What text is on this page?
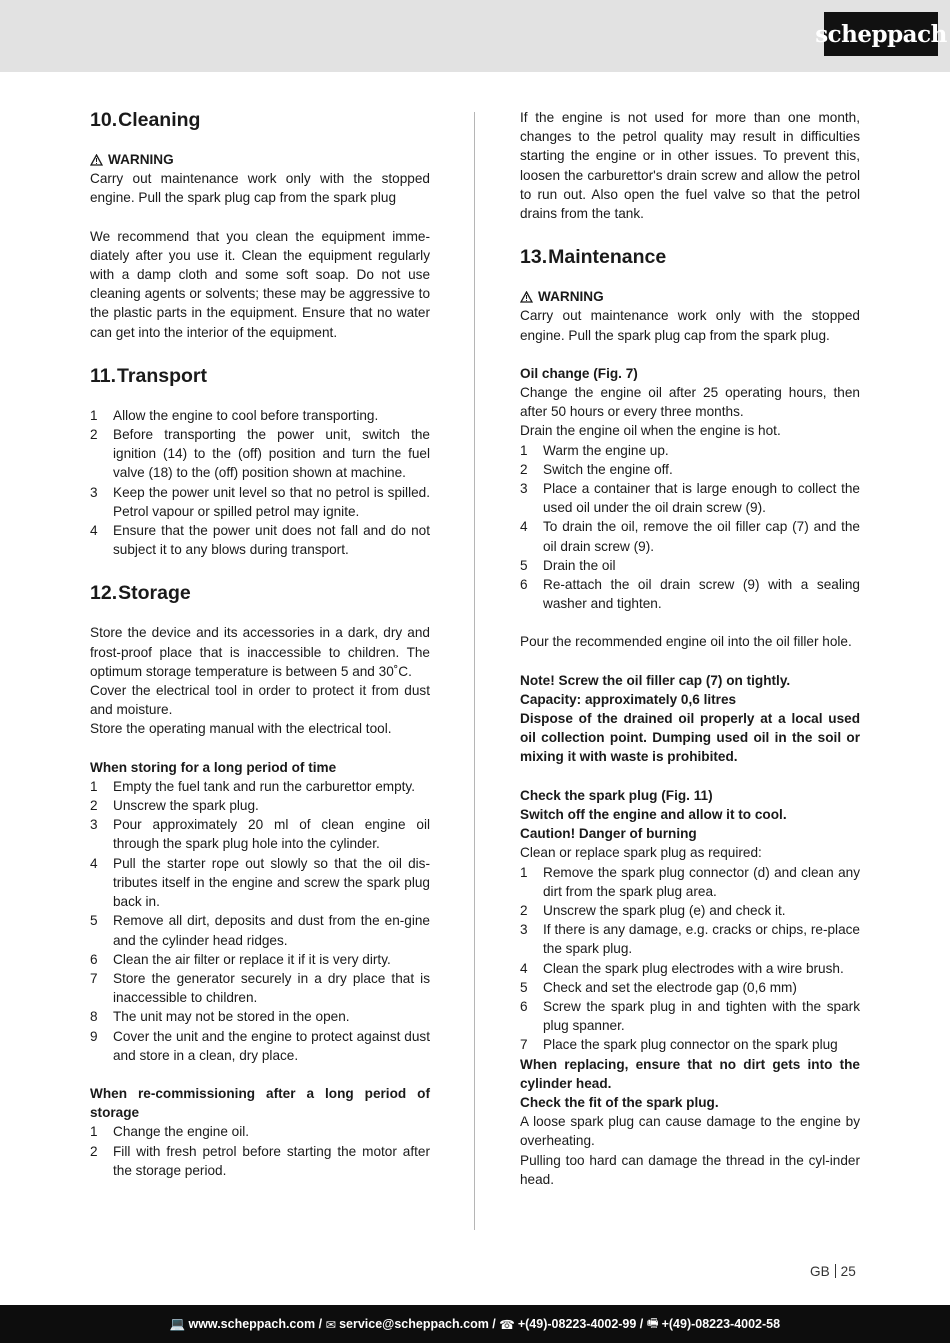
scheppach
10.Cleaning
WARNING

Carry out maintenance work only with the stopped engine. Pull the spark plug cap from the spark plug

We recommend that you clean the equipment imme-diately after you use it. Clean the equipment regularly with a damp cloth and some soft soap. Do not use cleaning agents or solvents; these may be aggressive to the plastic parts in the equipment. Ensure that no water can get into the interior of the equipment.

11.Transport
1 Allow the engine to cool before transporting.
2 Before transporting the power unit, switch the ignition (14) to the (off) position and turn the fuel valve (18) to the (off) position shown at machine.
3 Keep the power unit level so that no petrol is spilled. Petrol vapour or spilled petrol may ignite.
4 Ensure that the power unit does not fall and do not subject it to any blows during transport.
12.Storage

Store the device and its accessories in a dark, dry and frost-proof place that is inaccessible to children. The optimum storage temperature is between 5 and 30˚C.

Cover the electrical tool in order to protect it from dust and moisture.

Store the operating manual with the electrical tool.

When storing for a long period of time

1 Empty the fuel tank and run the carburettor empty.
2 Unscrew the spark plug.
3 Pour approximately 20 ml of clean engine oil through the spark plug hole into the cylinder.
4 Pull the starter rope out slowly so that the oil dis-tributes itself in the engine and screw the spark plug back in.
5 Remove all dirt, deposits and dust from the en-gine and the cylinder head ridges.
6 Clean the air filter or replace it if it is very dirty.
7 Store the generator securely in a dry place that is inaccessible to children.
8 The unit may not be stored in the open.
9 Cover the unit and the engine to protect against dust and store in a clean, dry place.

When re-commissioning after a long period of storage

1 Change the engine oil.
2 Fill with fresh petrol before starting the motor after the storage period.

If the engine is not used for more than one month, changes to the petrol quality may result in difficulties starting the engine or in other issues. To prevent this, loosen the carburettor's drain screw and allow the petrol to run out. Also open the fuel valve so that the petrol drains from the tank.

13.Maintenance
WARNING

Carry out maintenance work only with the stopped engine. Pull the spark plug cap from the spark plug.

Oil change (Fig. 7)

Change the engine oil after 25 operating hours, then after 50 hours or every three months.

Drain the engine oil when the engine is hot.

1 Warm the engine up.
2 Switch the engine off.
3 Place a container that is large enough to collect the used oil under the oil drain screw (9).
4 To drain the oil, remove the oil filler cap (7) and the oil drain screw (9).
5 Drain the oil
6 Re-attach the oil drain screw (9) with a sealing washer and tighten.

Pour the recommended engine oil into the oil filler hole.

Note! Screw the oil filler cap (7) on tightly.

Capacity: approximately 0,6 litres

Dispose of the drained oil properly at a local used oil collection point. Dumping used oil in the soil or mixing it with waste is prohibited.

Check the spark plug (Fig. 11)

Switch off the engine and allow it to cool.

Caution! Danger of burning

Clean or replace spark plug as required:

1 Remove the spark plug connector (d) and clean any dirt from the spark plug area.
2 Unscrew the spark plug (e) and check it.
3 If there is any damage, e.g. cracks or chips, re-place the spark plug.
4 Clean the spark plug electrodes with a wire brush.
5 Check and set the electrode gap (0,6 mm)
6 Screw the spark plug in and tighten with the spark plug spanner.
7 Place the spark plug connector on the spark plug

When replacing, ensure that no dirt gets into the cylinder head.

Check the fit of the spark plug.

A loose spark plug can cause damage to the engine by overheating.

Pulling too hard can damage the thread in the cyl-inder head.

GB 25
💻 www.scheppach.com /
✉ service@scheppach.com /
☎ +(49)-08223-4002-99 /
🖷 +(49)-08223-4002-58
